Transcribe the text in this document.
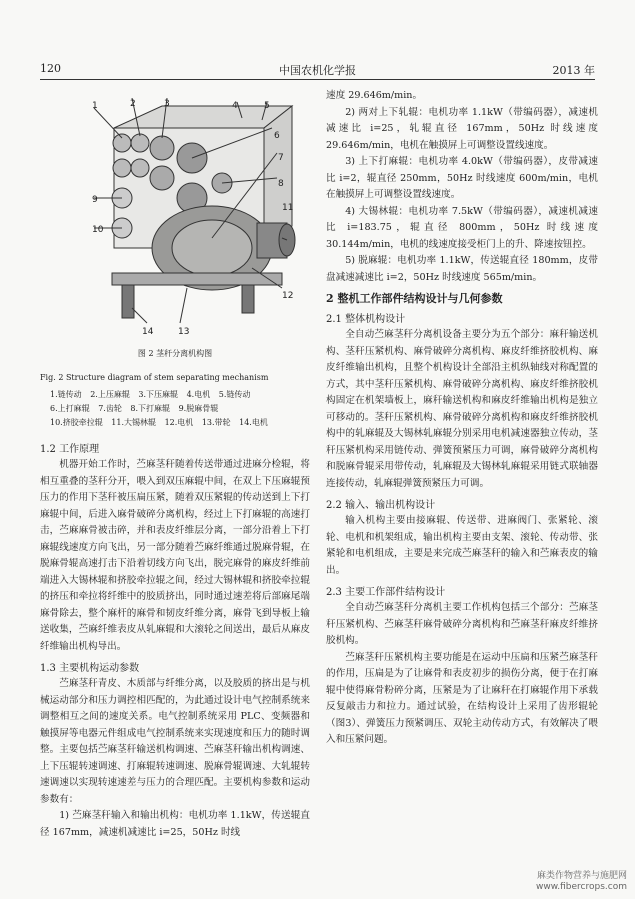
120	中国农机化学报	2013 年
1	2	3	4	5
6
7
8
9
10
11
12
13
14
图 2 茎秆分离机构图
Fig. 2 Structure diagram of stem separating mechanism
1.链传动 2.上压麻辊 3.下压麻辊 4.电机 5.链传动
6.上打麻辊 7.齿轮 8.下打麻辊 9.脱麻骨辊
10.挤胶牵拉辊 11.大锡林辊 12.电机 13.带轮 14.电机
1.2 工作原理

机器开始工作时，苎麻茎秆随着传送带通过进麻分检辊，将相互重叠的茎秆分开，喂入到双压麻辊中间，在双上下压麻辊预压力的作用下茎秆被压扁压紧，随着双压紧辊的传动送到上下打麻辊中间，后进入麻骨破碎分离机构，经过上下打麻辊的高速打击，苎麻麻骨被击碎，并和表皮纤维层分离，一部分沿着上下打麻辊线速度方向飞出，另一部分随着苎麻纤维通过脱麻骨辊，在脱麻骨辊高速打击下沿着切线方向飞出，脱完麻骨的麻皮纤维前端进入大锡林辊和挤胶牵拉辊之间，经过大锡林辊和挤胶牵拉辊的挤压和牵拉将纤维中的胶质挤出，同时通过速差将后部麻尾端麻骨除去，整个麻杆的麻骨和韧皮纤维分离，麻骨飞到导板上输送收集，苎麻纤维表皮从轧麻辊和大滚轮之间送出，最后从麻皮纤维输出机构导出。

1.3 主要机构运动参数

苎麻茎秆青皮、木质部与纤维分离，以及胶质的挤出是与机械运动部分和压力调控相匹配的，为此通过设计电气控制系统来调整相互之间的速度关系。电气控制系统采用 PLC、变频器和触摸屏等电器元件组成电气控制系统来实现速度和压力的随时调整。主要包括苎麻茎秆输送机构调速、苎麻茎秆输出机构调速、上下压辊转速调速、打麻辊转速调速、脱麻骨辊调速、大轧辊转速调速以实现转速速差与压力的合理匹配。主要机构参数和运动参数有：

1) 苎麻茎秆输入和输出机构：电机功率 1.1kW，传送辊直径 167mm，减速机减速比 i=25，50Hz 时线

速度 29.646m/min。

2) 两对上下轧辊：电机功率 1.1kW（带编码器），减速机减速比 i=25，轧辊直径 167mm，50Hz 时线速度 29.646m/min，电机在触摸屏上可调整设置线速度。

3) 上下打麻辊：电机功率 4.0kW（带编码器），皮带减速比 i=2，辊直径 250mm，50Hz 时线速度 600m/min，电机在触摸屏上可调整设置线速度。

4) 大锡林辊：电机功率 7.5kW（带编码器），减速机减速比 i=183.75，辊直径 800mm，50Hz 时线速度 30.144m/min，电机的线速度接受柜门上的升、降速按钮控。

5) 脱麻辊：电机功率 1.1kW，传送辊直径 180mm，皮带盘减速减速比 i=2，50Hz 时线速度 565m/min。

2 整机工作部件结构设计与几何参数
2.1 整体机构设计

全自动苎麻茎秆分离机设备主要分为五个部分：麻秆输送机构、茎秆压紧机构、麻骨破碎分离机构、麻皮纤维挤胶机构、麻皮纤维输出机构，且整个机构设计全部沿主机纵轴线对称配置的方式，其中茎秆压紧机构、麻骨破碎分离机构、麻皮纤维挤胶机构固定在机架墙板上，麻秆输送机构和麻皮纤维输出机构是独立可移动的。茎秆压紧机构、麻骨破碎分离机构和麻皮纤维挤胶机构中的轧麻辊及大锡林轧麻辊分别采用电机减速器独立传动，茎秆压紧机构采用链传动、弹簧预紧压力可调，麻骨破碎分离机构和脱麻骨辊采用带传动，轧麻辊及大锡林轧麻辊采用链式联轴器连接传动，轧麻辊弹簧预紧压力可调。

2.2 输入、输出机构设计

输入机构主要由接麻辊、传送带、进麻阀门、张紧轮、滚轮、电机和机架组成，输出机构主要由支架、滚轮、传动带、张紧轮和电机组成，主要是来完成苎麻茎秆的输入和苎麻表皮的输出。

2.3 主要工作部件结构设计

全自动苎麻茎秆分离机主要工作机构包括三个部分：苎麻茎秆压紧机构、苎麻茎秆麻骨破碎分离机构和苎麻茎秆麻皮纤维挤胶机构。

苎麻茎秆压紧机构主要功能是在运动中压扁和压紧苎麻茎秆的作用，压扁是为了让麻骨和表皮初步的损伤分离，便于在打麻辊中使得麻骨粉碎分离，压紧是为了让麻秆在打麻辊作用下承载反复敲击力和拉力。通过试验，在结构设计上采用了齿形辊轮（图3）、弹簧压力预紧调压、双轮主动传动方式，有效解决了喂入和压紧问题。

麻类作物营养与施肥网
www.fibercrops.com
